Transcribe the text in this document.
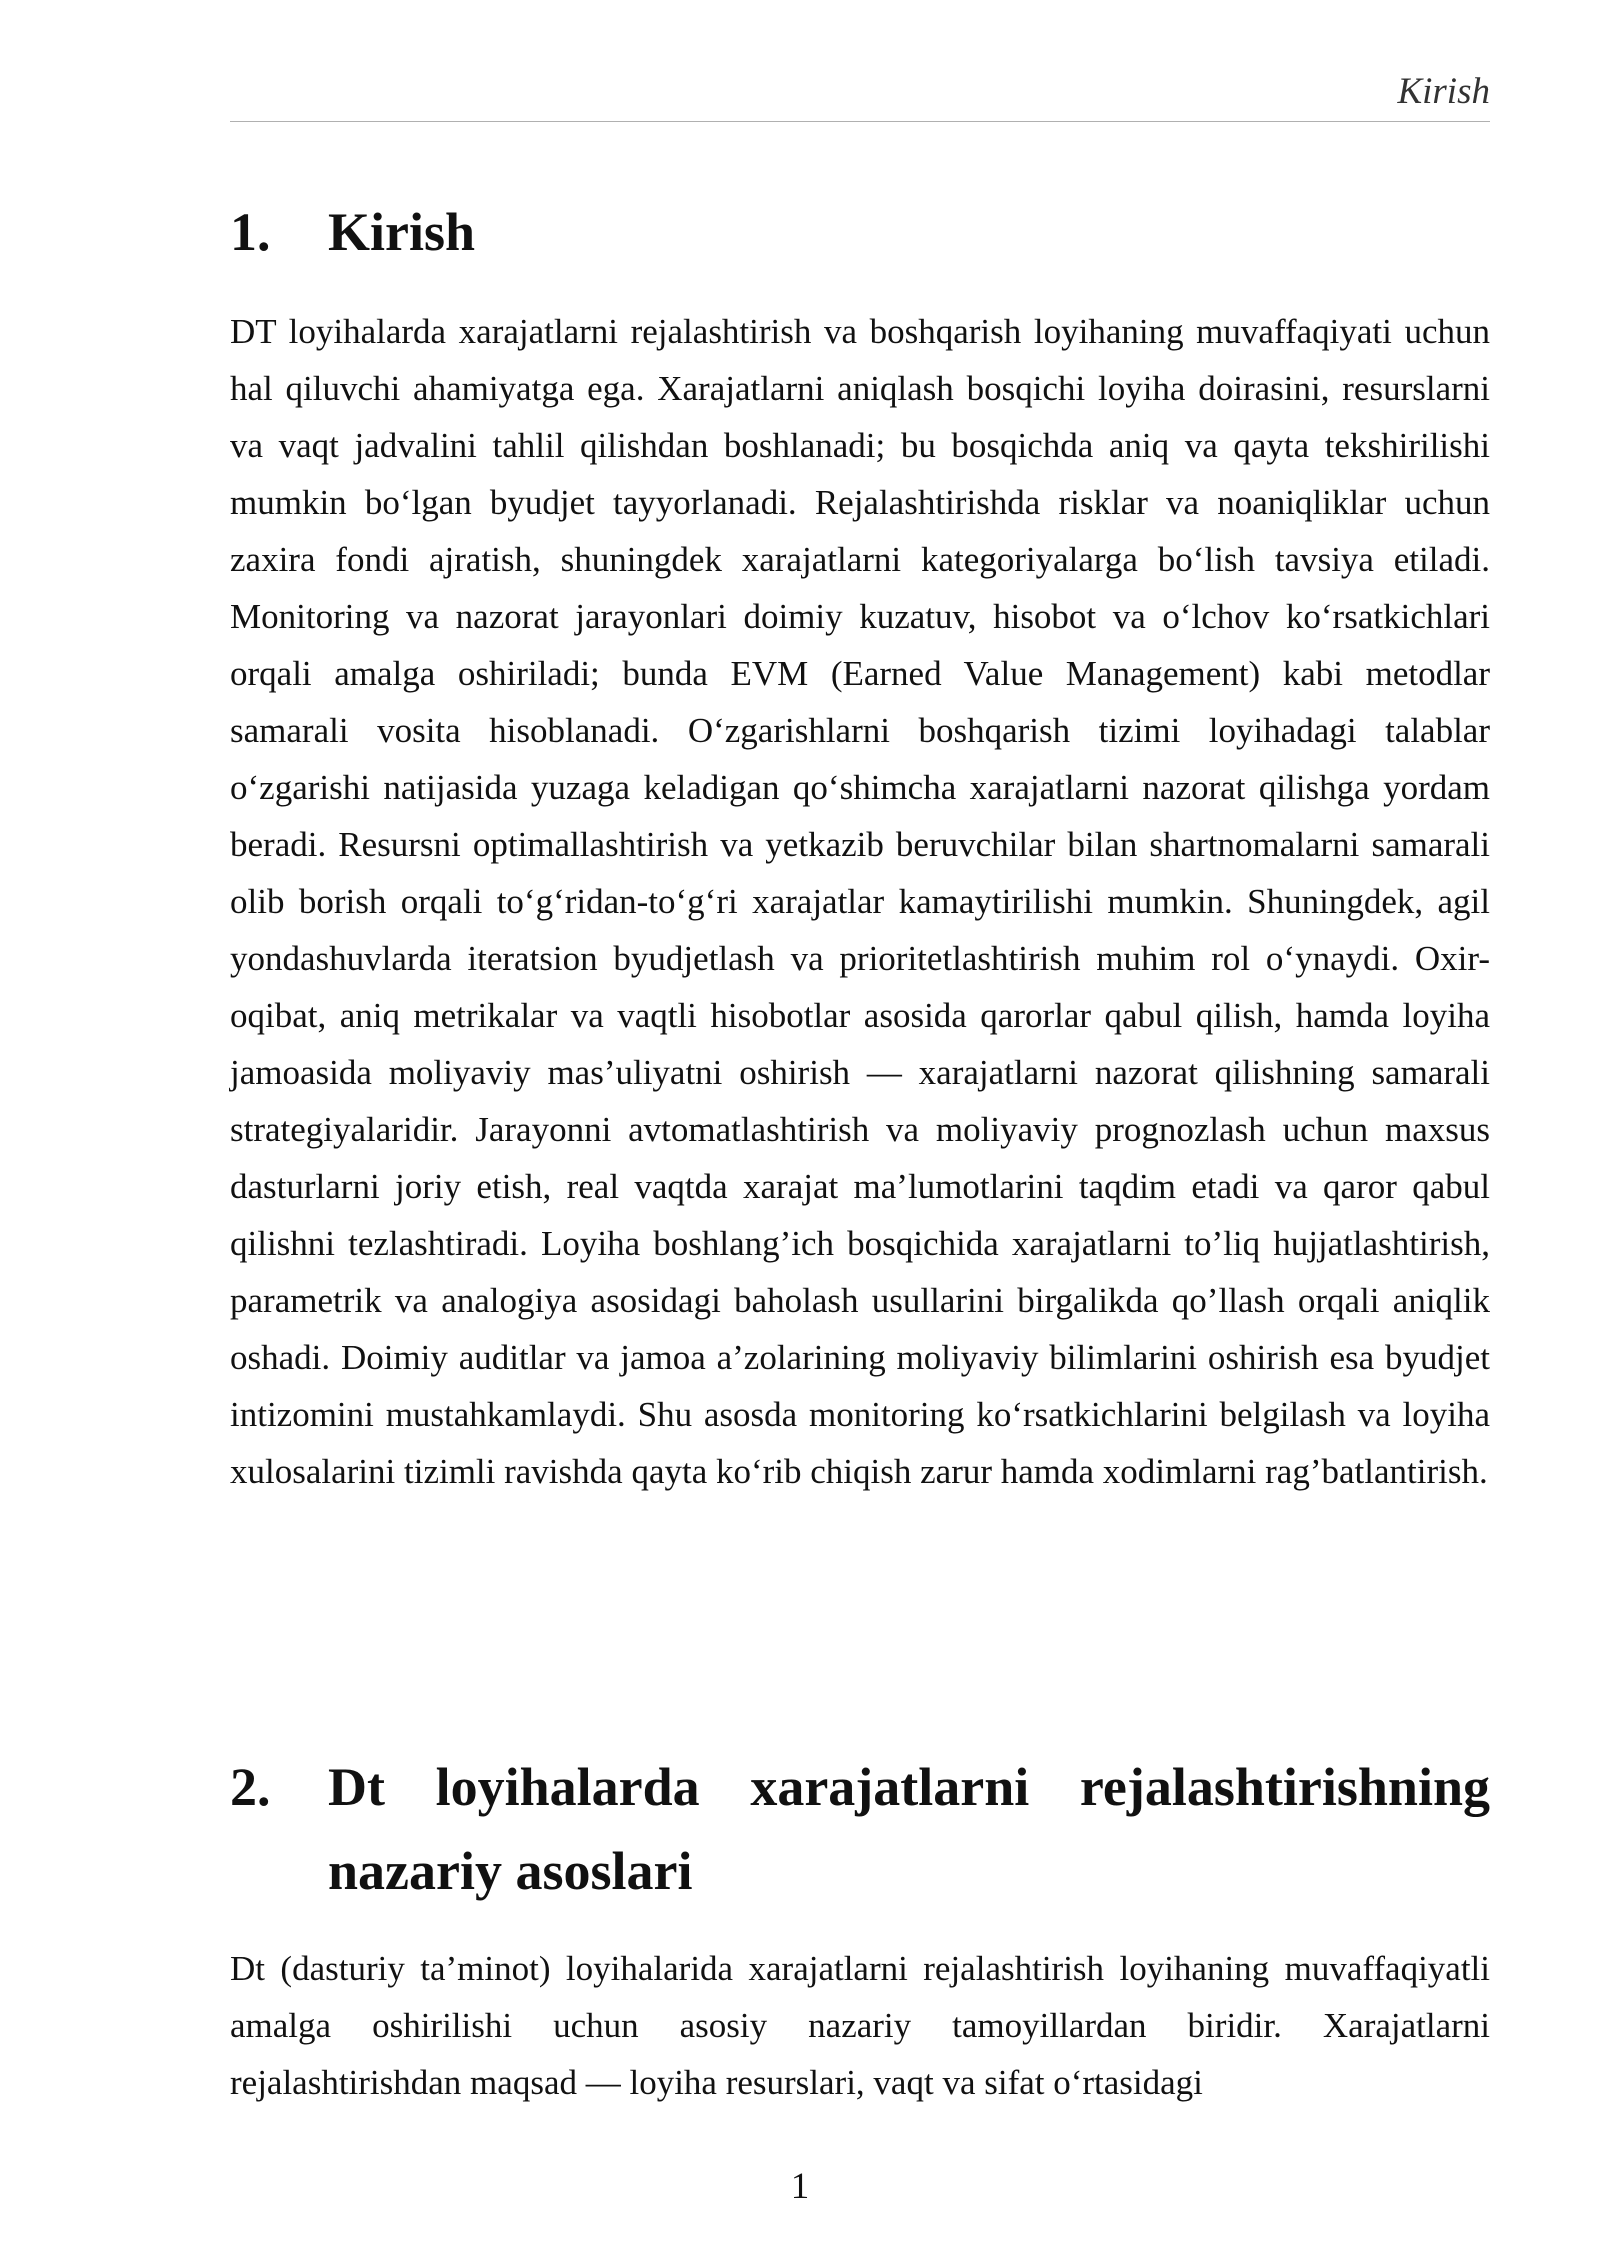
Kirish
1.	Kirish

DT loyihalarda xarajatlarni rejalashtirish va boshqarish loyihaning muvaffaqiyati uchun hal qiluvchi ahamiyatga ega. Xarajatlarni aniqlash bosqichi loyiha doirasini, resurslarni va vaqt jadvalini tahlil qilishdan boshlanadi; bu bosqichda aniq va qayta tekshirilishi mumkin bo‘lgan byudjet tayyorlanadi. Rejalashtirishda risklar va noaniqliklar uchun zaxira fondi ajratish, shuningdek xarajatlarni kategoriyalarga bo‘lish tavsiya etiladi. Monitoring va nazorat jarayonlari doimiy kuzatuv, hisobot va o‘lchov ko‘rsatkichlari orqali amalga oshiriladi; bunda EVM (Earned Value Management) kabi metodlar samarali vosita hisoblanadi. O‘zgarishlarni boshqarish tizimi loyihadagi talablar o‘zgarishi natijasida yuzaga keladigan qo‘shimcha xarajatlarni nazorat qilishga yordam beradi. Resursni optimallashtirish va yetkazib beruvchilar bilan shartnomalarni samarali olib borish orqali to‘g‘ridan-to‘g‘ri xarajatlar kamaytirilishi mumkin. Shuningdek, agil yondashuvlarda iteratsion byudjetlash va prioritetlashtirish muhim rol o‘ynaydi. Oxir-oqibat, aniq metrikalar va vaqtli hisobotlar asosida qarorlar qabul qilish, hamda loyiha jamoasida moliyaviy mas’uliyatni oshirish — xarajatlarni nazorat qilishning samarali strategiyalaridir. Jarayonni avtomatlashtirish va moliyaviy prognozlash uchun maxsus dasturlarni joriy etish, real vaqtda xarajat ma’lumotlarini taqdim etadi va qaror qabul qilishni tezlashtiradi. Loyiha boshlang’ich bosqichida xarajatlarni to’liq hujjatlashtirish, parametrik va analogiya asosidagi baholash usullarini birgalikda qo’llash orqali aniqlik oshadi. Doimiy auditlar va jamoa a’zolarining moliyaviy bilimlarini oshirish esa byudjet intizomini mustahkamlaydi. Shu asosda monitoring ko‘rsatkichlarini belgilash va loyiha xulosalarini tizimli ravishda qayta ko‘rib chiqish zarur hamda xodimlarni rag’batlantirish.

2.	Dt loyihalarda xarajatlarni rejalashtirishning nazariy asoslari

Dt (dasturiy ta’minot) loyihalarida xarajatlarni rejalashtirish loyihaning muvaffaqiyatli amalga oshirilishi uchun asosiy nazariy tamoyillardan biridir. Xarajatlarni rejalashtirishdan maqsad — loyiha resurslari, vaqt va sifat o‘rtasidagi

1
